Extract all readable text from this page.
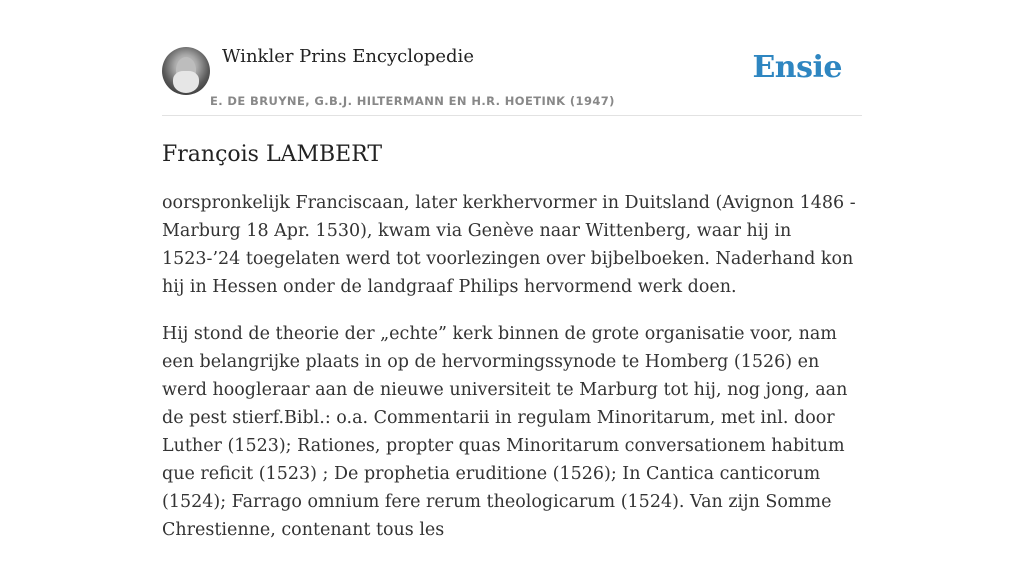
Winkler Prins Encyclopedie
E. DE BRUYNE, G.B.J. HILTERMANN EN H.R. HOETINK (1947)
Ensie
François LAMBERT

oorspronkelijk Franciscaan, later kerkhervormer in Duitsland (Avignon 1486 - Marburg 18 Apr. 1530), kwam via Genève naar Wittenberg, waar hij in 1523-’24 toegelaten werd tot voorlezingen over bijbelboeken. Naderhand kon hij in Hessen onder de landgraaf Philips hervormend werk doen.

Hij stond de theorie der „echte” kerk binnen de grote organisatie voor, nam een belangrijke plaats in op de hervormingssynode te Homberg (1526) en werd hoogleraar aan de nieuwe universiteit te Marburg tot hij, nog jong, aan de pest stierf.Bibl.: o.a. Commentarii in regulam Minoritarum, met inl. door Luther (1523); Rationes, propter quas Minoritarum conversationem habitum que reficit (1523) ; De prophetia eruditione (1526); In Cantica canticorum (1524); Farrago omnium fere rerum theologicarum (1524). Van zijn Somme Chrestienne, contenant tous les
